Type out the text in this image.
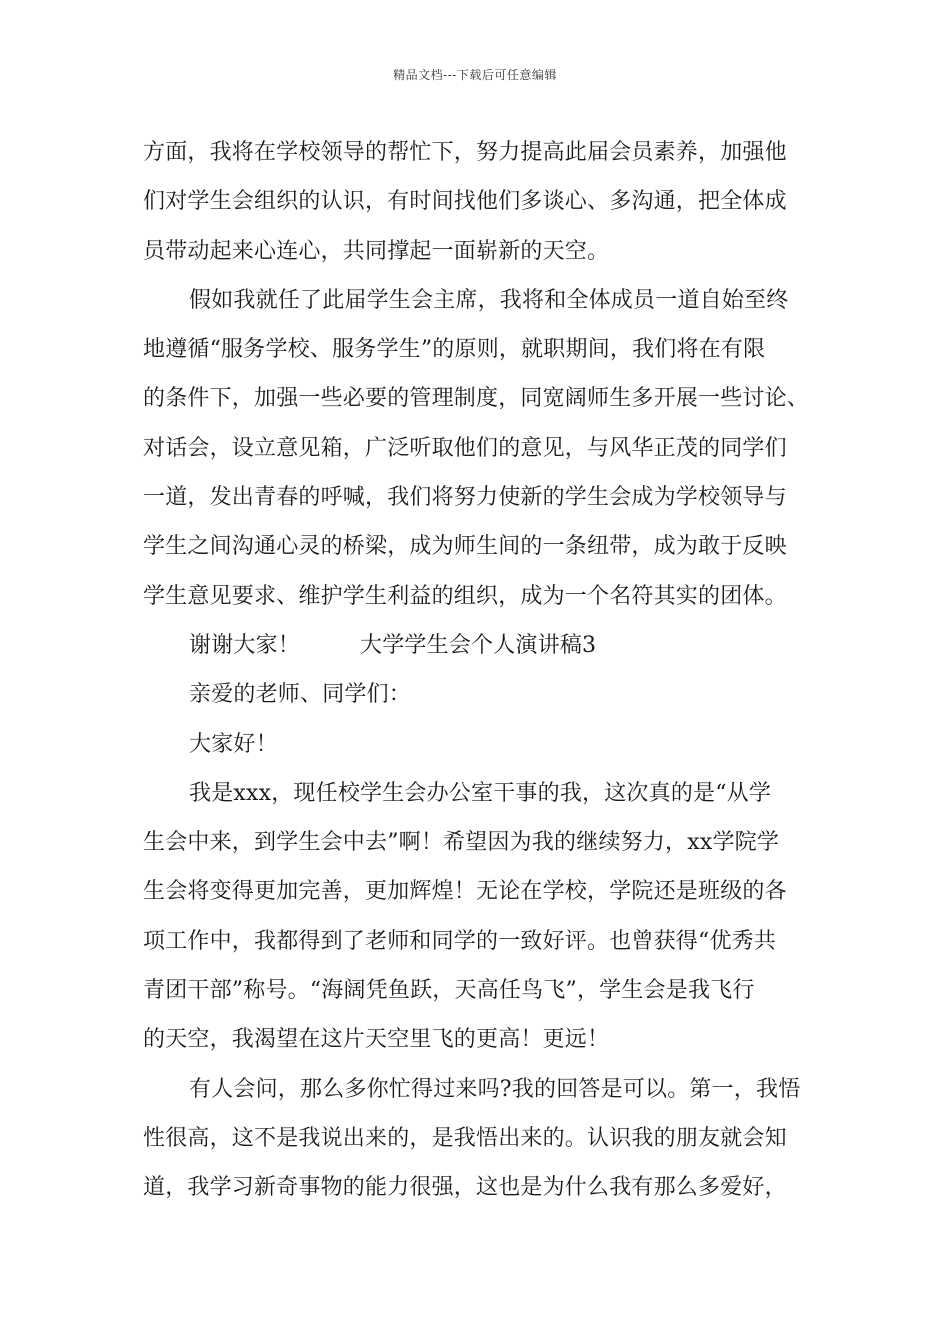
精品文档---下载后可任意编辑
方面，我将在学校领导的帮忙下，努力提高此届会员素养，加强他
们对学生会组织的认识，有时间找他们多谈心、多沟通，把全体成
员带动起来心连心，共同撑起一面崭新的天空。
假如我就任了此届学生会主席，我将和全体成员一道自始至终
地遵循“服务学校、服务学生”的原则，就职期间，我们将在有限
的条件下，加强一些必要的管理制度，同宽阔师生多开展一些讨论、
对话会，设立意见箱，广泛听取他们的意见，与风华正茂的同学们
一道，发出青春的呼喊，我们将努力使新的学生会成为学校领导与
学生之间沟通心灵的桥梁，成为师生间的一条纽带，成为敢于反映
学生意见要求、维护学生利益的组织，成为一个名符其实的团体。
谢谢大家！	大学学生会个人演讲稿3
亲爱的老师、同学们：
大家好！
我是xxx，现任校学生会办公室干事的我，这次真的是“从学
生会中来，到学生会中去”啊！希望因为我的继续努力，xx学院学
生会将变得更加完善，更加辉煌！无论在学校，学院还是班级的各
项工作中，我都得到了老师和同学的一致好评。也曾获得“优秀共
青团干部”称号。“海阔凭鱼跃，天高任鸟飞”，学生会是我飞行
的天空，我渴望在这片天空里飞的更高！更远！
有人会问，那么多你忙得过来吗?我的回答是可以。第一，我悟
性很高，这不是我说出来的，是我悟出来的。认识我的朋友就会知
道，我学习新奇事物的能力很强，这也是为什么我有那么多爱好，
